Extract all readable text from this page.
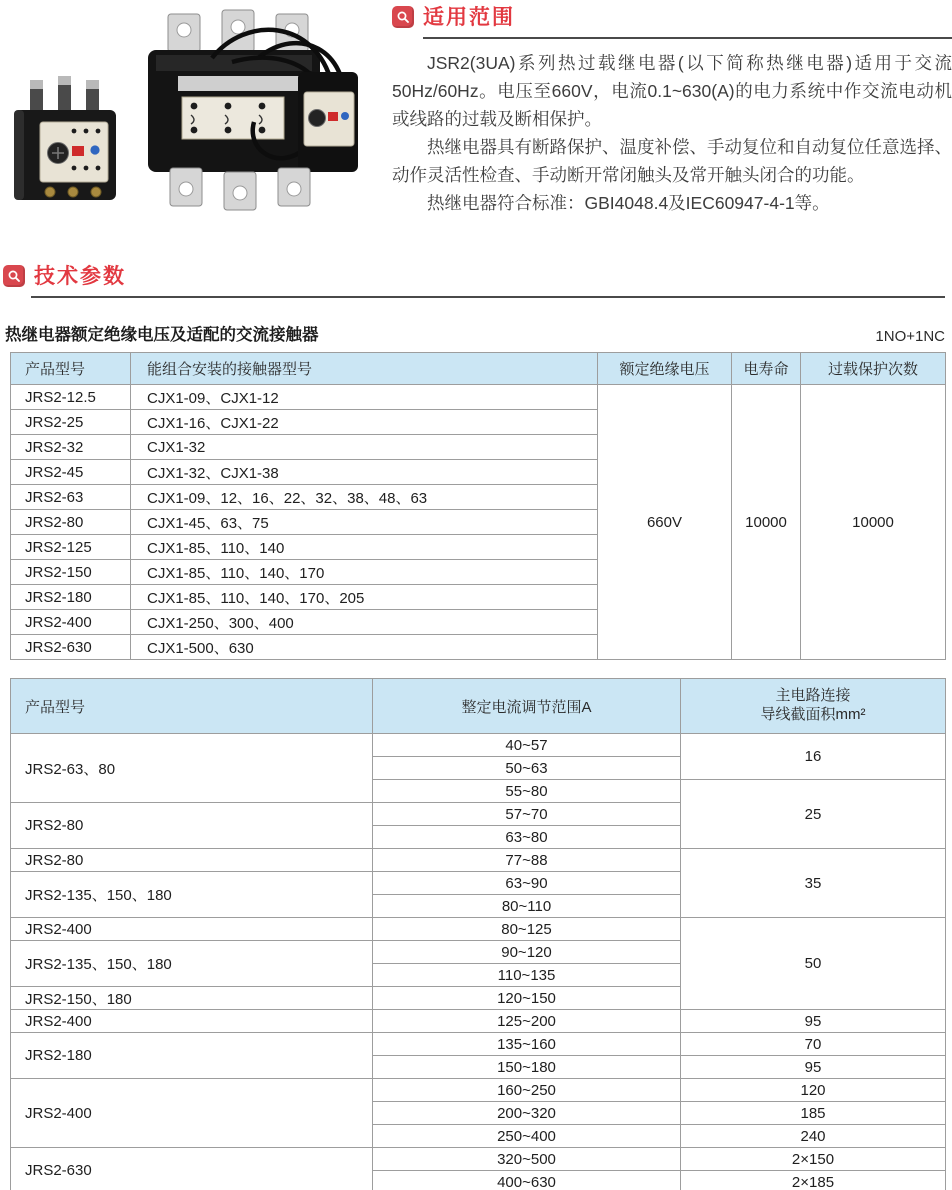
适用范围

JSR2(3UA)系列热过载继电器(以下简称热继电器)适用于交流50Hz/60Hz。电压至660V，电流0.1~630(A)的电力系统中作交流电动机或线路的过载及断相保护。

热继电器具有断路保护、温度补偿、手动复位和自动复位任意选择、动作灵活性检查、手动断开常闭触头及常开触头闭合的功能。

热继电器符合标准：GBI4048.4及IEC60947-4-1等。

技术参数
热继电器额定绝缘电压及适配的交流接触器	1NO+1NC
产品型号	能组合安装的接触器型号	额定绝缘电压	电寿命	过载保护次数
JRS2-12.5	CJX1-09、CJX1-12	660V	10000	10000
JRS2-25	CJX1-16、CJX1-22			
JRS2-32	CJX1-32			
JRS2-45	CJX1-32、CJX1-38			
JRS2-63	CJX1-09、12、16、22、32、38、48、63			
JRS2-80	CJX1-45、63、75			
JRS2-125	CJX1-85、110、140			
JRS2-150	CJX1-85、110、140、170			
JRS2-180	CJX1-85、110、140、170、205			
JRS2-400	CJX1-250、300、400			
JRS2-630	CJX1-500、630			
产品型号	整定电流调节范围A	主电路连接
导线截面积mm²

JRS2-63、80	40~57	16
	50~63	
	55~80	25
JRS2-80	57~70	
	63~80	
JRS2-80	77~88	35
JRS2-135、150、180	63~90	
	80~110	
JRS2-400	80~125	50
JRS2-135、150、180	90~120	
	110~135	
JRS2-150、180	120~150	
JRS2-400	125~200	95
JRS2-180	135~160	70
	150~180	95
JRS2-400	160~250	120
	200~320	185
	250~400	240
JRS2-630	320~500	2×150
	400~630	2×185
